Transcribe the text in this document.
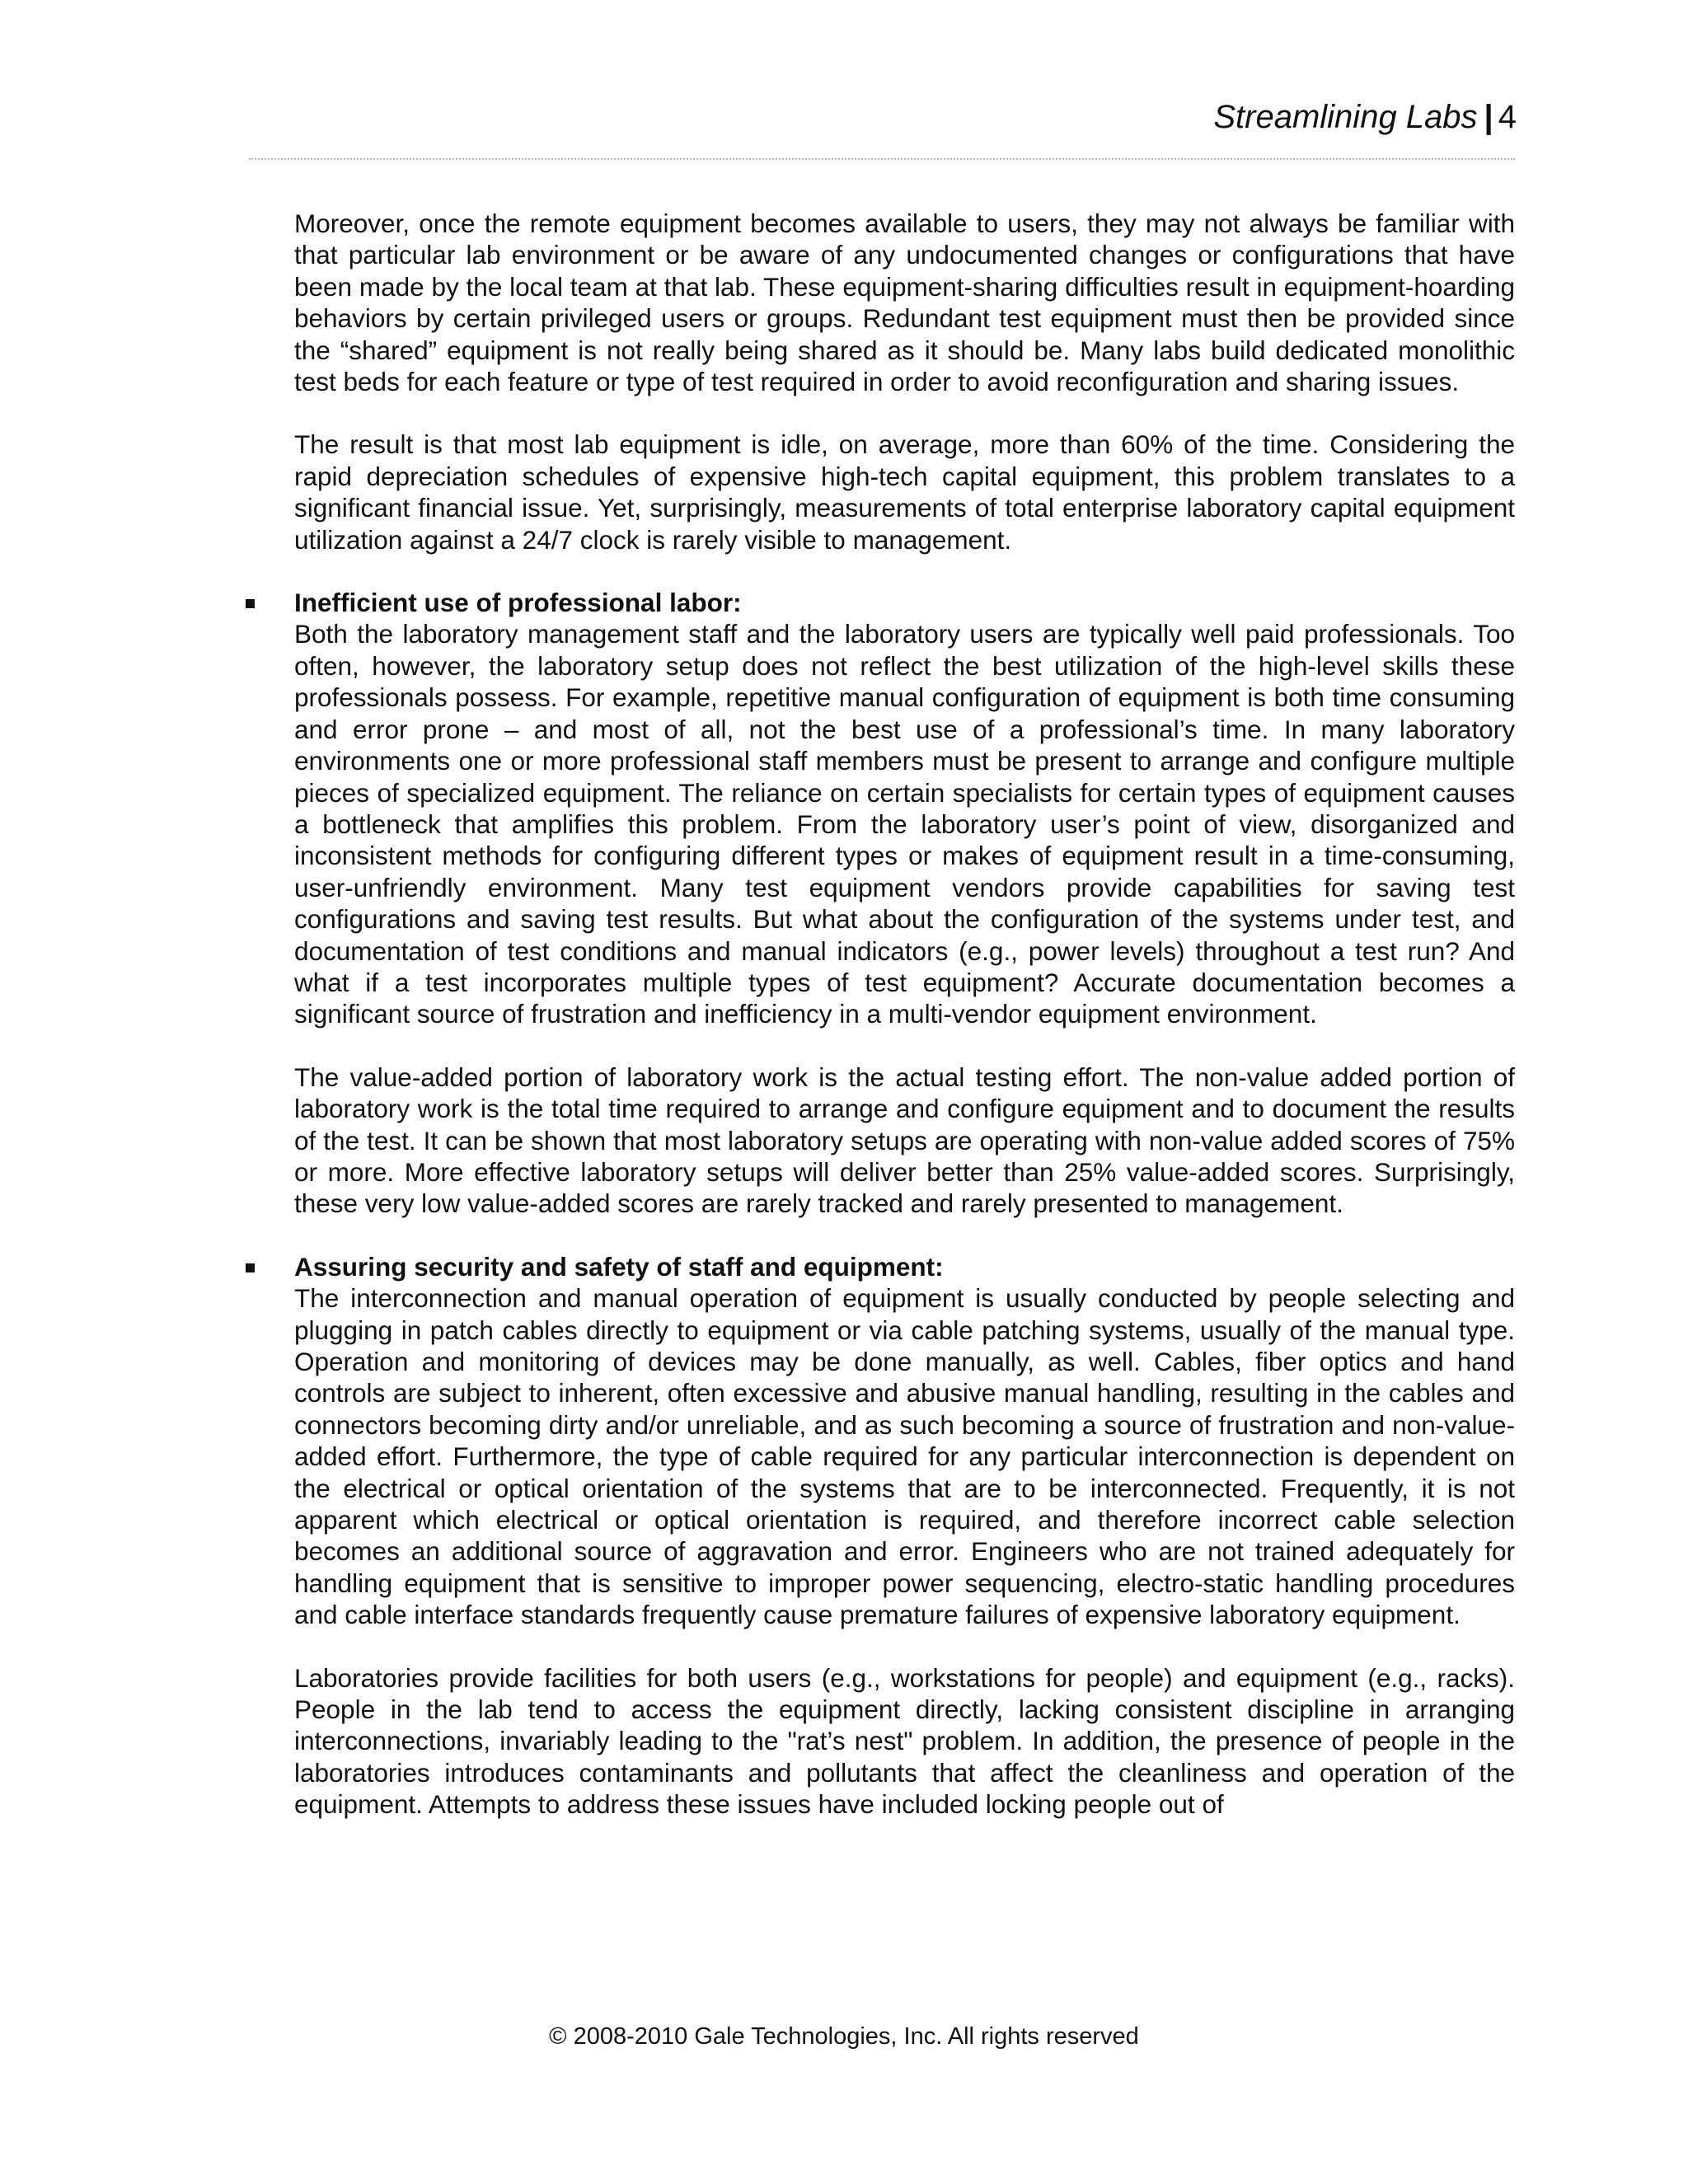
Streamlining Labs | 4

Moreover, once the remote equipment becomes available to users, they may not always be familiar with that particular lab environment or be aware of any undocumented changes or configurations that have been made by the local team at that lab. These equipment-sharing difficulties result in equipment-hoarding behaviors by certain privileged users or groups. Redundant test equipment must then be provided since the “shared” equipment is not really being shared as it should be. Many labs build dedicated monolithic test beds for each feature or type of test required in order to avoid reconfiguration and sharing issues.

The result is that most lab equipment is idle, on average, more than 60% of the time. Considering the rapid depreciation schedules of expensive high-tech capital equipment, this problem translates to a significant financial issue. Yet, surprisingly, measurements of total enterprise laboratory capital equipment utilization against a 24/7 clock is rarely visible to management.

Inefficient use of professional labor:

Both the laboratory management staff and the laboratory users are typically well paid professionals. Too often, however, the laboratory setup does not reflect the best utilization of the high-level skills these professionals possess. For example, repetitive manual configuration of equipment is both time consuming and error prone – and most of all, not the best use of a professional’s time. In many laboratory environments one or more professional staff members must be present to arrange and configure multiple pieces of specialized equipment. The reliance on certain specialists for certain types of equipment causes a bottleneck that amplifies this problem. From the laboratory user’s point of view, disorganized and inconsistent methods for configuring different types or makes of equipment result in a time-consuming, user-unfriendly environment. Many test equipment vendors provide capabilities for saving test configurations and saving test results. But what about the configuration of the systems under test, and documentation of test conditions and manual indicators (e.g., power levels) throughout a test run? And what if a test incorporates multiple types of test equipment? Accurate documentation becomes a significant source of frustration and inefficiency in a multi-vendor equipment environment.

The value-added portion of laboratory work is the actual testing effort. The non-value added portion of laboratory work is the total time required to arrange and configure equipment and to document the results of the test. It can be shown that most laboratory setups are operating with non-value added scores of 75% or more. More effective laboratory setups will deliver better than 25% value-added scores. Surprisingly, these very low value-added scores are rarely tracked and rarely presented to management.

Assuring security and safety of staff and equipment:

The interconnection and manual operation of equipment is usually conducted by people selecting and plugging in patch cables directly to equipment or via cable patching systems, usually of the manual type. Operation and monitoring of devices may be done manually, as well. Cables, fiber optics and hand controls are subject to inherent, often excessive and abusive manual handling, resulting in the cables and connectors becoming dirty and/or unreliable, and as such becoming a source of frustration and non-value-added effort. Furthermore, the type of cable required for any particular interconnection is dependent on the electrical or optical orientation of the systems that are to be interconnected. Frequently, it is not apparent which electrical or optical orientation is required, and therefore incorrect cable selection becomes an additional source of aggravation and error. Engineers who are not trained adequately for handling equipment that is sensitive to improper power sequencing, electro-static handling procedures and cable interface standards frequently cause premature failures of expensive laboratory equipment.

Laboratories provide facilities for both users (e.g., workstations for people) and equipment (e.g., racks). People in the lab tend to access the equipment directly, lacking consistent discipline in arranging interconnections, invariably leading to the "rat’s nest" problem. In addition, the presence of people in the laboratories introduces contaminants and pollutants that affect the cleanliness and operation of the equipment. Attempts to address these issues have included locking people out of

© 2008-2010 Gale Technologies, Inc. All rights reserved
